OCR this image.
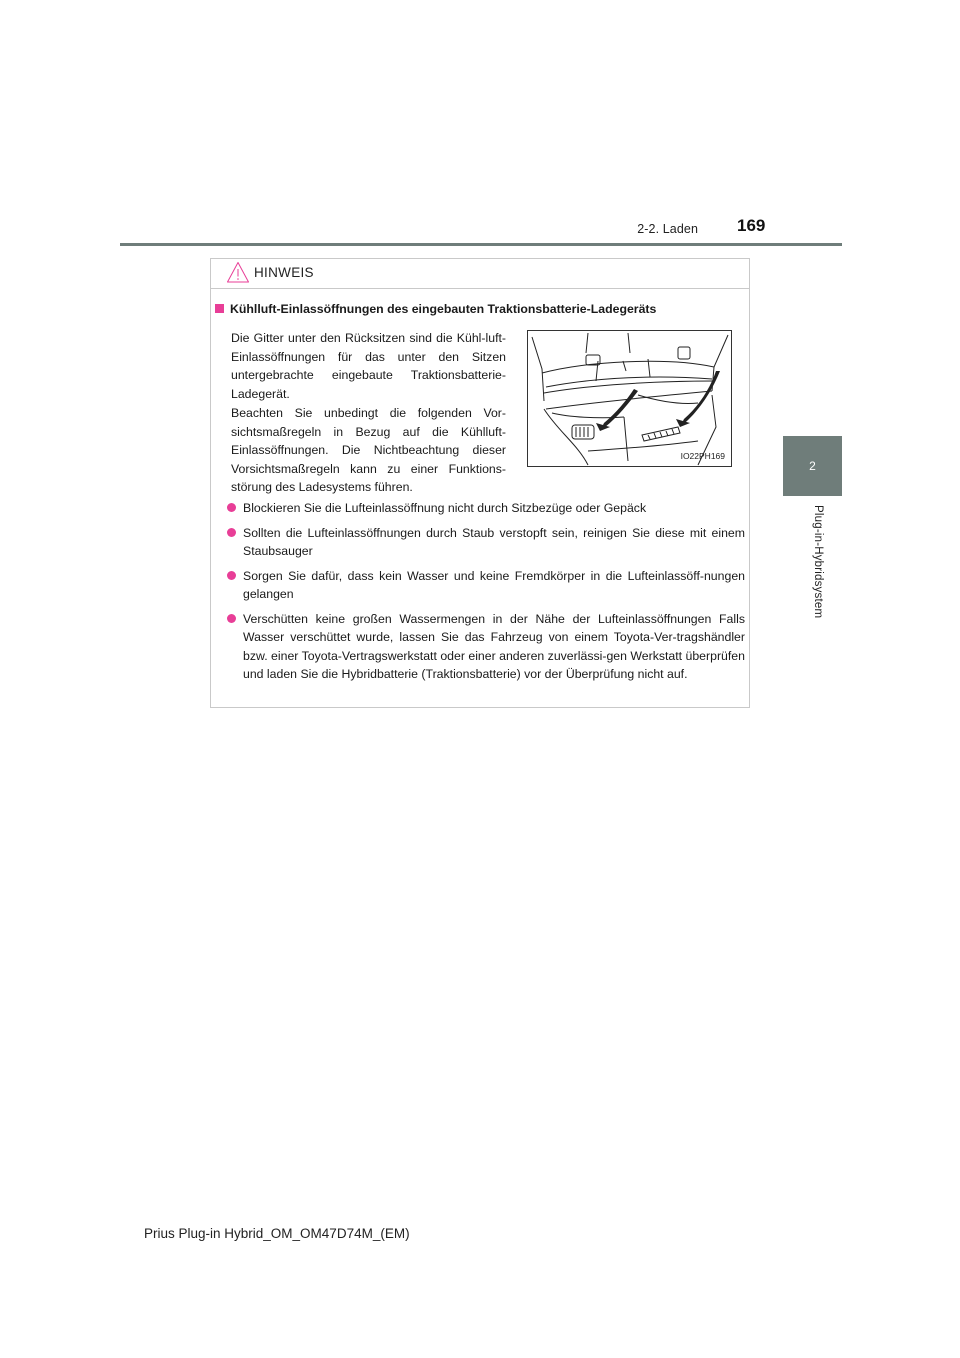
2-2. Laden 169
2
Plug-in-Hybridsystem
HINWEIS
Kühlluft-Einlassöffnungen des eingebauten Traktionsbatterie-Ladegeräts
Die Gitter unter den Rücksitzen sind die Kühl-luft-Einlassöffnungen für das unter den Sitzen untergebrachte eingebaute Traktionsbatterie-Ladegerät.
Beachten Sie unbedingt die folgenden Vor-sichtsmaßregeln in Bezug auf die Kühlluft-Einlassöffnungen. Die Nichtbeachtung dieser Vorsichtsmaßregeln kann zu einer Funktions-störung des Ladesystems führen.
IO22PH169
Blockieren Sie die Lufteinlassöffnung nicht durch Sitzbezüge oder Gepäck
Sollten die Lufteinlassöffnungen durch Staub verstopft sein, reinigen Sie diese mit einem Staubsauger
Sorgen Sie dafür, dass kein Wasser und keine Fremdkörper in die Lufteinlassöff-nungen gelangen
Verschütten keine großen Wassermengen in der Nähe der Lufteinlassöffnungen Falls Wasser verschüttet wurde, lassen Sie das Fahrzeug von einem Toyota-Ver-tragshändler bzw. einer Toyota-Vertragswerkstatt oder einer anderen zuverlässi-gen Werkstatt überprüfen und laden Sie die Hybridbatterie (Traktionsbatterie) vor der Überprüfung nicht auf.
Prius Plug-in Hybrid_OM_OM47D74M_(EM)
